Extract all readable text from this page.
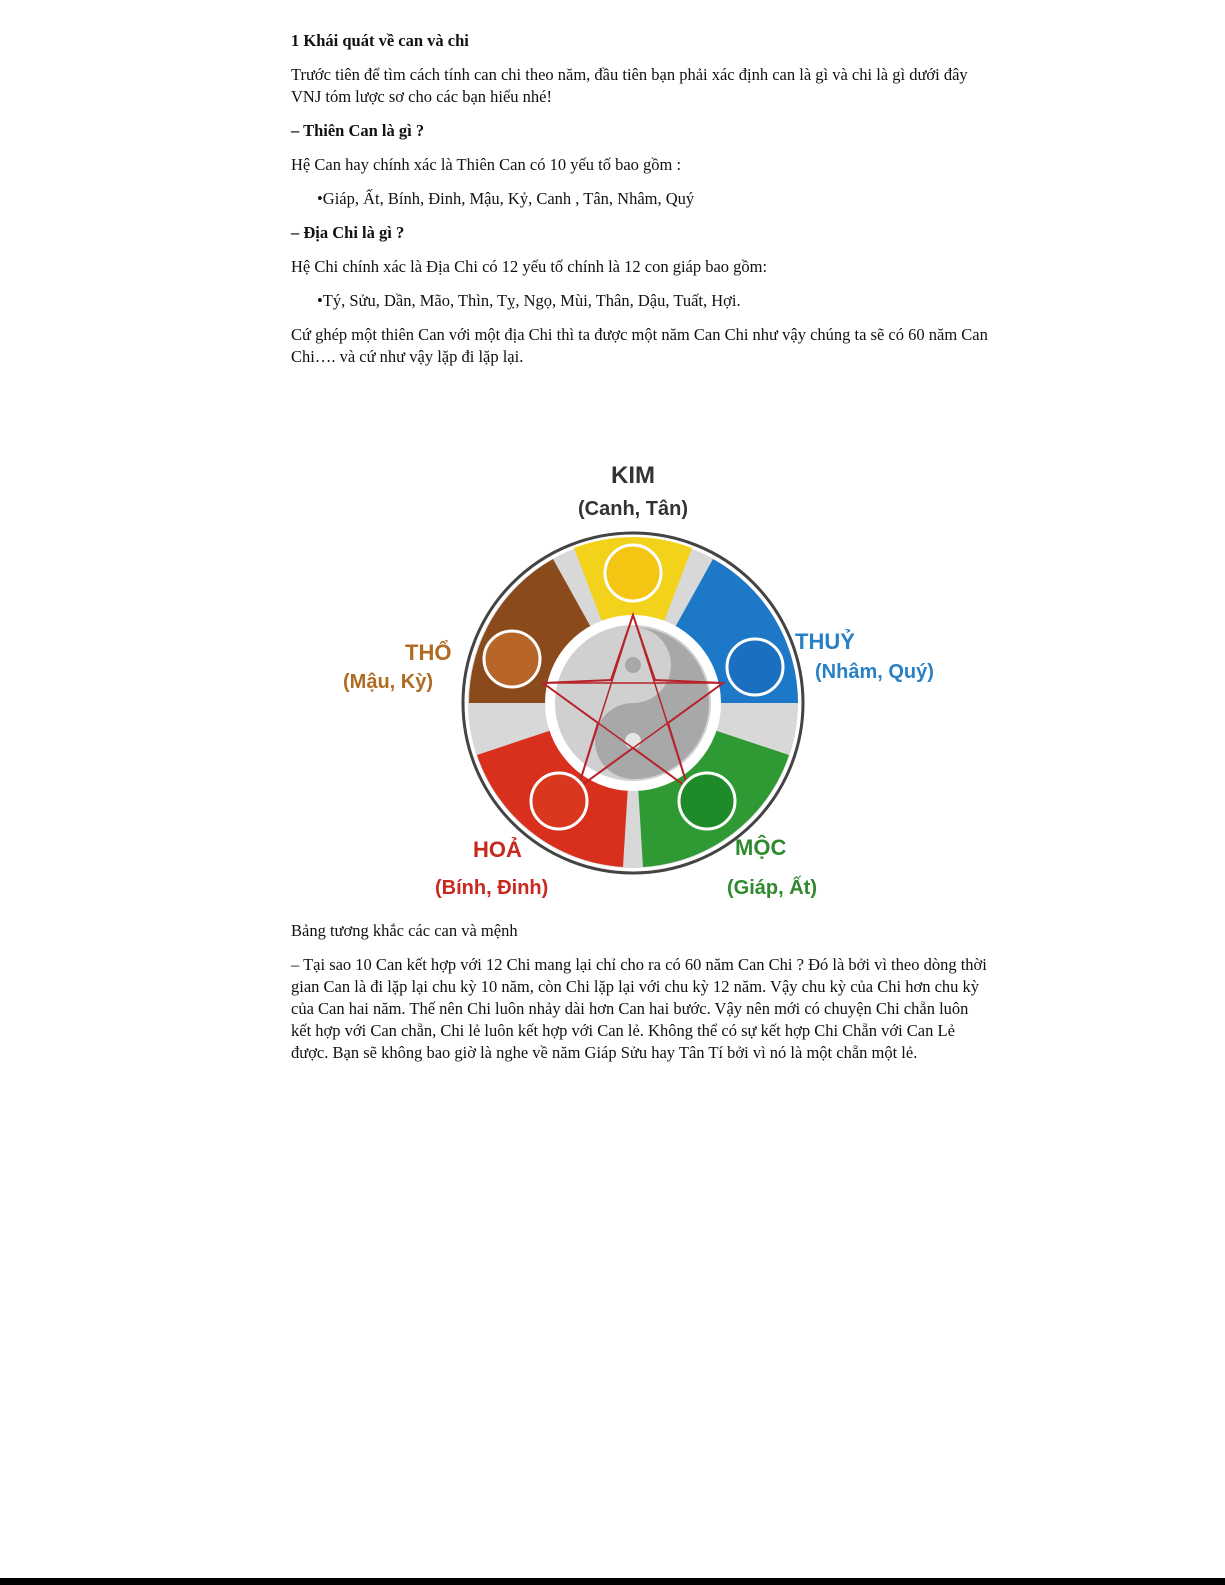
1 Khái quát về can và chi

Trước tiên để tìm cách tính can chi theo năm, đầu tiên bạn phải xác định can là gì và chi là gì dưới đây VNJ tóm lược sơ cho các bạn hiểu nhé!

– Thiên Can là gì ?

Hệ Can hay chính xác là Thiên Can có 10 yếu tố bao gồm :

•Giáp, Ất, Bính, Đinh, Mậu, Kỷ, Canh , Tân, Nhâm, Quý

– Địa Chi là gì ?

Hệ Chi chính xác là Địa Chi có 12 yếu tố chính là 12 con giáp bao gồm:

•Tý, Sửu, Dần, Mão, Thìn, Tỵ, Ngọ, Mùi, Thân, Dậu, Tuất, Hợi.

Cứ ghép một thiên Can với một địa Chi thì ta được một năm Can Chi như vậy chúng ta sẽ có 60 năm Can Chi…. và cứ như vậy lặp đi lặp lại.

KIM
(Canh, Tân)
THUỶ
(Nhâm, Quý)
MỘC
(Giáp, Ất)
HOẢ
(Bính, Đinh)
THỔ
(Mậu, Kỳ)

Bảng tương khắc các can và mệnh

– Tại sao 10 Can kết hợp với 12 Chi mang lại chỉ cho ra có 60 năm Can Chi ? Đó là bởi vì theo dòng thời gian Can là đi lặp lại chu kỳ 10 năm, còn Chi lặp lại với chu kỳ 12 năm. Vậy chu kỳ của Chi hơn chu kỳ của Can hai năm. Thế nên Chi luôn nhảy dài hơn Can hai bước. Vậy nên mới có chuyện Chi chẵn luôn kết hợp với Can chẵn, Chi lẻ luôn kết hợp với Can lẻ. Không thể có sự kết hợp Chi Chẵn với Can Lẻ được. Bạn sẽ không bao giờ là nghe về năm Giáp Sửu hay Tân Tí bởi vì nó là một chẵn một lẻ.
